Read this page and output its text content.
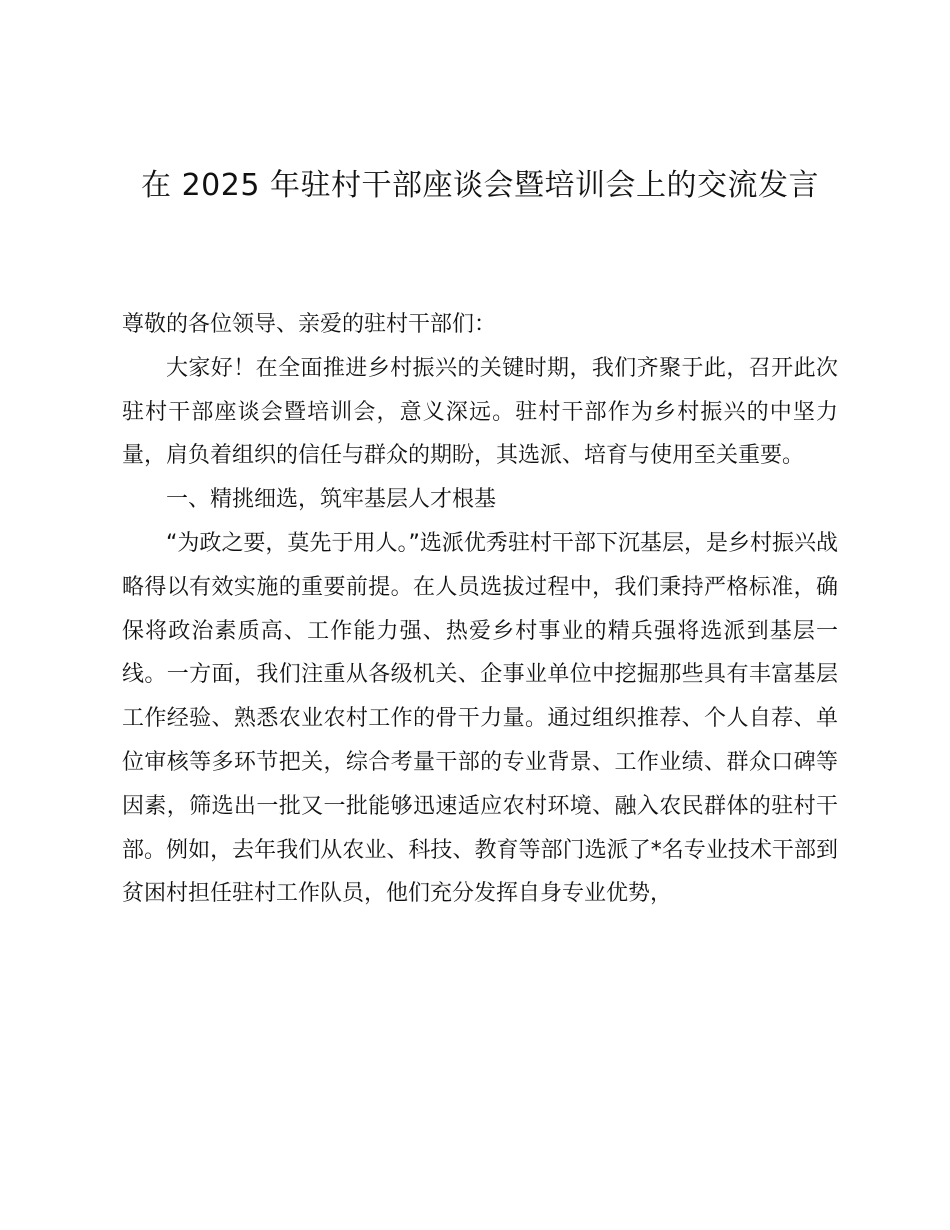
在 2025 年驻村干部座谈会暨培训会上的交流发言

尊敬的各位领导、亲爱的驻村干部们：

大家好！在全面推进乡村振兴的关键时期，我们齐聚于此，召开此次驻村干部座谈会暨培训会，意义深远。驻村干部作为乡村振兴的中坚力量，肩负着组织的信任与群众的期盼，其选派、培育与使用至关重要。

一、精挑细选，筑牢基层人才根基

“为政之要，莫先于用人。”选派优秀驻村干部下沉基层，是乡村振兴战略得以有效实施的重要前提。在人员选拔过程中，我们秉持严格标准，确保将政治素质高、工作能力强、热爱乡村事业的精兵强将选派到基层一线。一方面，我们注重从各级机关、企事业单位中挖掘那些具有丰富基层工作经验、熟悉农业农村工作的骨干力量。通过组织推荐、个人自荐、单位审核等多环节把关，综合考量干部的专业背景、工作业绩、群众口碑等因素，筛选出一批又一批能够迅速适应农村环境、融入农民群体的驻村干部。例如，去年我们从农业、科技、教育等部门选派了*名专业技术干部到贫困村担任驻村工作队员，他们充分发挥自身专业优势，
